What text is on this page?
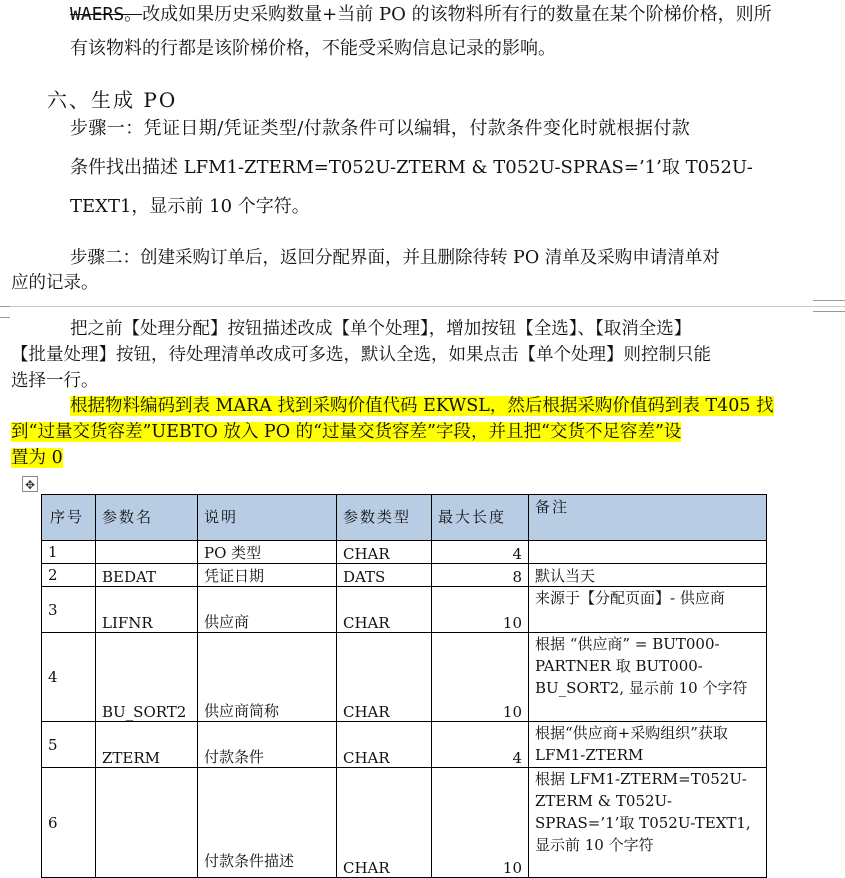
WAERS。改成如果历史采购数量+当前 PO 的该物料所有行的数量在某个阶梯价格，则所
有该物料的行都是该阶梯价格，不能受采购信息记录的影响。
六、生成 PO
步骤一：凭证日期/凭证类型/付款条件可以编辑，付款条件变化时就根据付款
条件找出描述 LFM1-ZTERM=T052U-ZTERM & T052U-SPRAS=’1’取 T052U-
TEXT1，显示前 10 个字符。
步骤二：创建采购订单后，返回分配界面，并且删除待转 PO 清单及采购申请清单对
应的记录。
把之前【处理分配】按钮描述改成【单个处理】，增加按钮【全选】、【取消全选】
【批量处理】按钮，待处理清单改成可多选，默认全选，如果点击【单个处理】则控制只能
选择一行。
根据物料编码到表 MARA 找到采购价值代码 EKWSL，然后根据采购价值码到表 T405 找
到“过量交货容差”UEBTO 放入 PO 的“过量交货容差”字段，并且把“交货不足容差”设
置为 0
✥
序号	参数名	说明	参数类型	最大长度	备注
1		PO 类型	CHAR	4	
2	BEDAT	凭证日期	DATS	8	默认当天
3	LIFNR	供应商	CHAR	10	来源于【分配页面】- 供应商
4	BU_SORT2	供应商简称	CHAR	10	根据 “供应商” = BUT000-PARTNER 取 BUT000-BU_SORT2, 显示前 10 个字符
5	ZTERM	付款条件	CHAR	4	根据“供应商+采购组织”获取 LFM1-ZTERM
6		付款条件描述	CHAR	10	根据 LFM1-ZTERM=T052U-ZTERM & T052U-SPRAS=’1’取 T052U-TEXT1, 显示前 10 个字符
